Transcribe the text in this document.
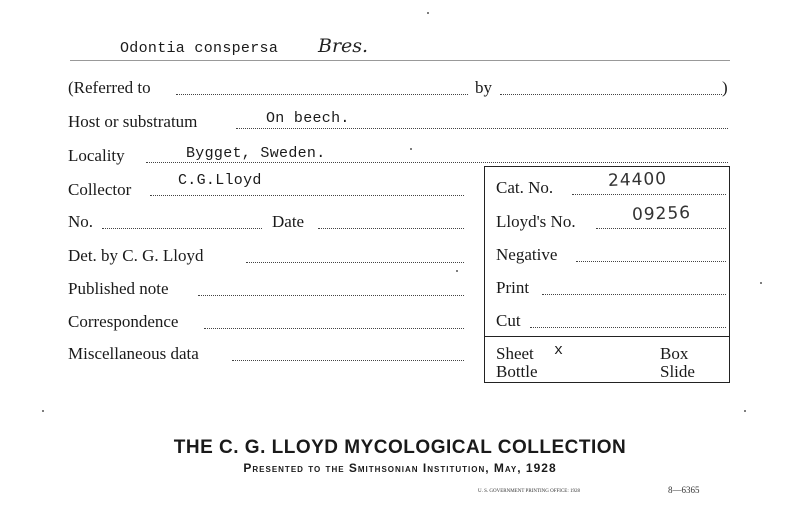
Odontia conspersa Bres.
(Referred to	by	)
Host or substratum	On beech.
Locality	Bygget, Sweden.
Collector	C.G.Lloyd	Cat. No.	24400
No.	Date	Lloyd's No.	09256
Det. by C. G. Lloyd	Negative
Published note	Print
Correspondence	Cut
Miscellaneous data	Sheet x	Box
Bottle	Slide
THE C. G. LLOYD MYCOLOGICAL COLLECTION
Presented to the Smithsonian Institution, May, 1928
U. S. GOVERNMENT PRINTING OFFICE: 1928	8—6365
